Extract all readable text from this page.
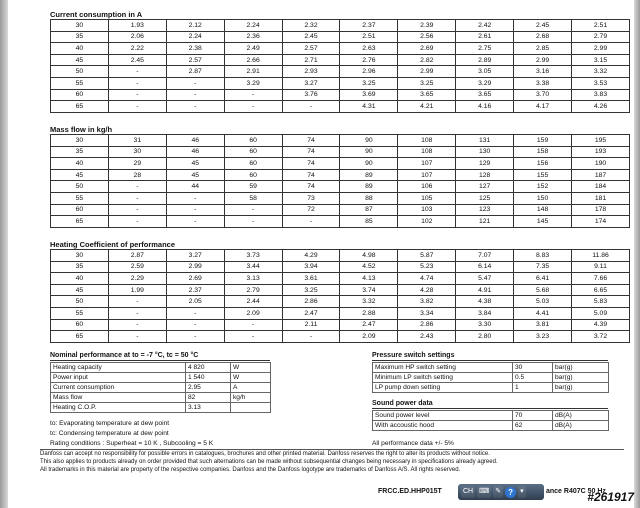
Current consumption in A
30	1.93	2.12	2.24	2.32	2.37	2.39	2.42	2.45	2.51
35	2.06	2.24	2.36	2.45	2.51	2.56	2.61	2.68	2.79
40	2.22	2.38	2.49	2.57	2.63	2.69	2.75	2.85	2.99
45	2.45	2.57	2.66	2.71	2.76	2.82	2.89	2.99	3.15
50	-	2.87	2.91	2.93	2.96	2.99	3.05	3.16	3.32
55	-	-	3.29	3.27	3.25	3.25	3.29	3.38	3.53
60	-	-	-	3.76	3.69	3.65	3.65	3.70	3.83
65	-	-	-	-	4.31	4.21	4.16	4.17	4.26
Mass flow in kg/h
30	31	46	60	74	90	108	131	159	195
35	30	46	60	74	90	108	130	158	193
40	29	45	60	74	90	107	129	156	190
45	28	45	60	74	89	107	128	155	187
50	-	44	59	74	89	106	127	152	184
55	-	-	58	73	88	105	125	150	181
60	-	-	-	72	87	103	123	148	178
65	-	-	-	-	85	102	121	145	174
Heating Coefficient of performance
30	2.87	3.27	3.73	4.29	4.98	5.87	7.07	8.83	11.86
35	2.59	2.99	3.44	3.94	4.52	5.23	6.14	7.35	9.11
40	2.29	2.69	3.13	3.61	4.13	4.74	5.47	6.41	7.66
45	1.99	2.37	2.79	3.25	3.74	4.28	4.91	5.68	6.65
50	-	2.05	2.44	2.86	3.32	3.82	4.38	5.03	5.83
55	-	-	2.09	2.47	2.88	3.34	3.84	4.41	5.09
60	-	-	-	2.11	2.47	2.86	3.30	3.81	4.39
65	-	-	-	-	2.09	2.43	2.80	3.23	3.72
Nominal performance at to = -7 °C, tc = 50 °C
Heating capacity	4 820	W
Power input	1 540	W
Current consumption	2.95	A
Mass flow	82	kg/h
Heating C.O.P.	3.13	
to: Evaporating temperature at dew point
tc: Condensing temperature at dew point
Rating conditions : Superheat = 10 K , Subcooling = 5 K
Pressure switch settings
Maximum HP switch setting	30	bar(g)
Minimum LP switch setting	0.5	bar(g)
LP pump down setting	1	bar(g)
Sound power data
Sound power level	70	dB(A)
With accoustic hood	62	dB(A)
All performance data +/- 5%
Danfoss can accept no responsibility for possible errors in catalogues, brochures and other printed material. Danfoss reserves the right to alter its products without notice.
This also applies to products already on order provided that such alternations can be made without subsequential changes being necessary in specifications already agreed.
All trademarks in this material are property of the respective companies. Danfoss and the Danfoss logotype are trademarks of Danfoss A/S. All rights reserved.
FRCC.ED.HHP015T	ance R407C 50 Hz
CH ⌨ ✎ ?	▾	#261917
